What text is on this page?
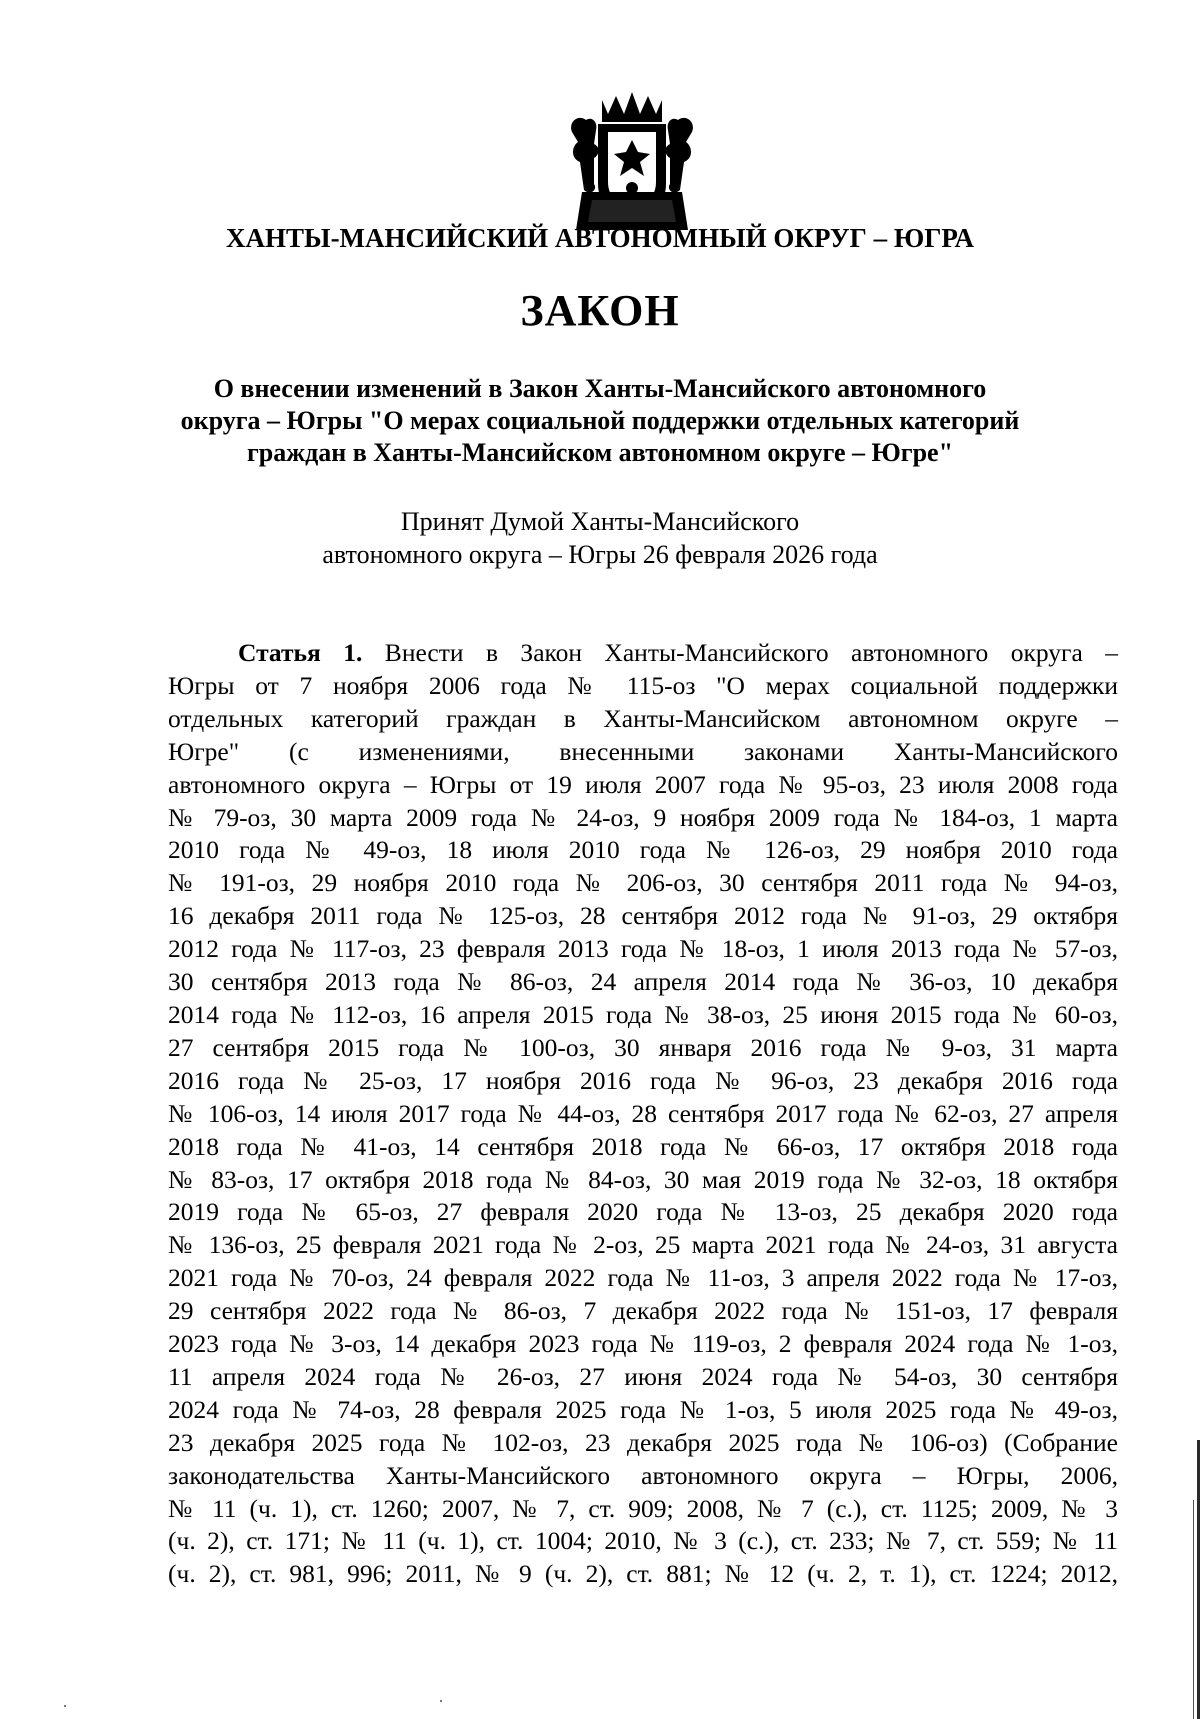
ХАНТЫ-МАНСИЙСКИЙ АВТОНОМНЫЙ ОКРУГ – ЮГРА
ЗАКОН
О внесении изменений в Закон Ханты-Мансийского автономного
округа – Югры "О мерах социальной поддержки отдельных категорий
граждан в Ханты-Мансийском автономном округе – Югре"
Принят Думой Ханты-Мансийского
автономного округа – Югры 26 февраля 2026 года
Статья 1. Внести в Закон Ханты-Мансийского автономного округа –
Югры от 7 ноября 2006 года № 115-оз "О мерах социальной поддержки
отдельных категорий граждан в Ханты-Мансийском автономном округе –
Югре" (с изменениями, внесенными законами Ханты-Мансийского
автономного округа – Югры от 19 июля 2007 года № 95-оз, 23 июля 2008 года
№ 79-оз, 30 марта 2009 года № 24-оз, 9 ноября 2009 года № 184-оз, 1 марта
2010 года № 49-оз, 18 июля 2010 года № 126-оз, 29 ноября 2010 года
№ 191-оз, 29 ноября 2010 года № 206-оз, 30 сентября 2011 года № 94-оз,
16 декабря 2011 года № 125-оз, 28 сентября 2012 года № 91-оз, 29 октября
2012 года № 117-оз, 23 февраля 2013 года № 18-оз, 1 июля 2013 года № 57-оз,
30 сентября 2013 года № 86-оз, 24 апреля 2014 года № 36-оз, 10 декабря
2014 года № 112-оз, 16 апреля 2015 года № 38-оз, 25 июня 2015 года № 60-оз,
27 сентября 2015 года № 100-оз, 30 января 2016 года № 9-оз, 31 марта
2016 года № 25-оз, 17 ноября 2016 года № 96-оз, 23 декабря 2016 года
№ 106-оз, 14 июля 2017 года № 44-оз, 28 сентября 2017 года № 62-оз, 27 апреля
2018 года № 41-оз, 14 сентября 2018 года № 66-оз, 17 октября 2018 года
№ 83-оз, 17 октября 2018 года № 84-оз, 30 мая 2019 года № 32-оз, 18 октября
2019 года № 65-оз, 27 февраля 2020 года № 13-оз, 25 декабря 2020 года
№ 136-оз, 25 февраля 2021 года № 2-оз, 25 марта 2021 года № 24-оз, 31 августа
2021 года № 70-оз, 24 февраля 2022 года № 11-оз, 3 апреля 2022 года № 17-оз,
29 сентября 2022 года № 86-оз, 7 декабря 2022 года № 151-оз, 17 февраля
2023 года № 3-оз, 14 декабря 2023 года № 119-оз, 2 февраля 2024 года № 1-оз,
11 апреля 2024 года № 26-оз, 27 июня 2024 года № 54-оз, 30 сентября
2024 года № 74-оз, 28 февраля 2025 года № 1-оз, 5 июля 2025 года № 49-оз,
23 декабря 2025 года № 102-оз, 23 декабря 2025 года № 106-оз) (Собрание
законодательства Ханты-Мансийского автономного округа – Югры, 2006,
№ 11 (ч. 1), ст. 1260; 2007, № 7, ст. 909; 2008, № 7 (с.), ст. 1125; 2009, № 3
(ч. 2), ст. 171; № 11 (ч. 1), ст. 1004; 2010, № 3 (с.), ст. 233; № 7, ст. 559; № 11
(ч. 2), ст. 981, 996; 2011, № 9 (ч. 2), ст. 881; № 12 (ч. 2, т. 1), ст. 1224; 2012,
